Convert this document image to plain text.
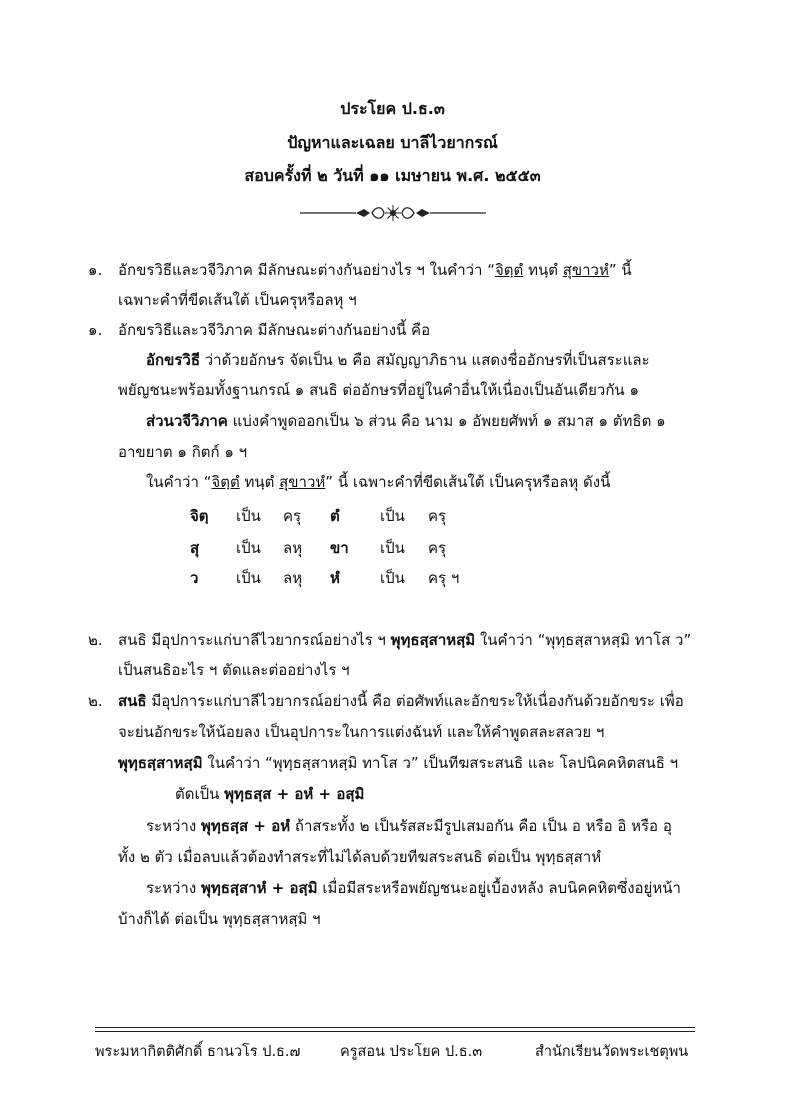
ประโยค ป.ธ.๓
ปัญหาและเฉลย บาลีไวยากรณ์
สอบครั้งที่ ๒ วันที่ ๑๑ เมษายน พ.ศ. ๒๕๕๓
๑. อักขรวิธีและวจีวิภาค มีลักษณะต่างกันอย่างไร ฯ ในคำว่า “จิตฺตํ ทนฺตํ สุขาวหํ” นี้
เฉพาะคำที่ขีดเส้นใต้ เป็นครุหรือลหุ ฯ
๑. อักขรวิธีและวจีวิภาค มีลักษณะต่างกันอย่างนี้ คือ
อักขรวิธี ว่าด้วยอักษร จัดเป็น ๒ คือ สมัญญาภิธาน แสดงชื่ออักษรที่เป็นสระและ
พยัญชนะพร้อมทั้งฐานกรณ์ ๑ สนธิ ต่ออักษรที่อยู่ในคำอื่นให้เนื่องเป็นอันเดียวกัน ๑
ส่วนวจีวิภาค แบ่งคำพูดออกเป็น ๖ ส่วน คือ นาม ๑ อัพยยศัพท์ ๑ สมาส ๑ ตัทธิต ๑
อาขยาต ๑ กิตก์ ๑ ฯ
ในคำว่า “จิตฺตํ ทนฺตํ สุขาวหํ” นี้ เฉพาะคำที่ขีดเส้นใต้ เป็นครุหรือลหุ ดังนี้
จิตฺ เป็น ครุ ตํ	เป็น ครุ
สุ เป็น ลหุ ขา เป็น ครุ
ว	เป็น ลหุ หํ	เป็น ครุ ฯ
๒. สนธิ มีอุปการะแก่บาลีไวยากรณ์อย่างไร ฯ พุทฺธสฺสาหสฺมิ ในคำว่า “พุทฺธสฺสาหสฺมิ ทาโส ว”
เป็นสนธิอะไร ฯ ตัดและต่ออย่างไร ฯ
๒. สนธิ มีอุปการะแก่บาลีไวยากรณ์อย่างนี้ คือ ต่อศัพท์และอักขระให้เนื่องกันด้วยอักขระ เพื่อ
จะย่นอักขระให้น้อยลง เป็นอุปการะในการแต่งฉันท์ และให้คำพูดสละสลวย ฯ
พุทฺธสฺสาหสฺมิ ในคำว่า “พุทฺธสฺสาหสฺมิ ทาโส ว” เป็นทีฆสระสนธิ และ โลปนิคคหิตสนธิ ฯ
ตัดเป็น พุทฺธสฺส + อหํ + อสฺมิ
ระหว่าง พุทฺธสฺส + อหํ ถ้าสระทั้ง ๒ เป็นรัสสะมีรูปเสมอกัน คือ เป็น อ หรือ อิ หรือ อุ
ทั้ง ๒ ตัว เมื่อลบแล้วต้องทำสระที่ไม่ได้ลบด้วยทีฆสระสนธิ ต่อเป็น พุทฺธสฺสาหํ
ระหว่าง พุทฺธสฺสาหํ + อสฺมิ เมื่อมีสระหรือพยัญชนะอยู่เบื้องหลัง ลบนิคคหิตซึ่งอยู่หน้า
บ้างก็ได้ ต่อเป็น พุทฺธสฺสาหสฺมิ ฯ
พระมหากิตติศักดิ์ ธานวโร ป.ธ.๗	ครูสอน ประโยค ป.ธ.๓	สำนักเรียนวัดพระเชตุพน
